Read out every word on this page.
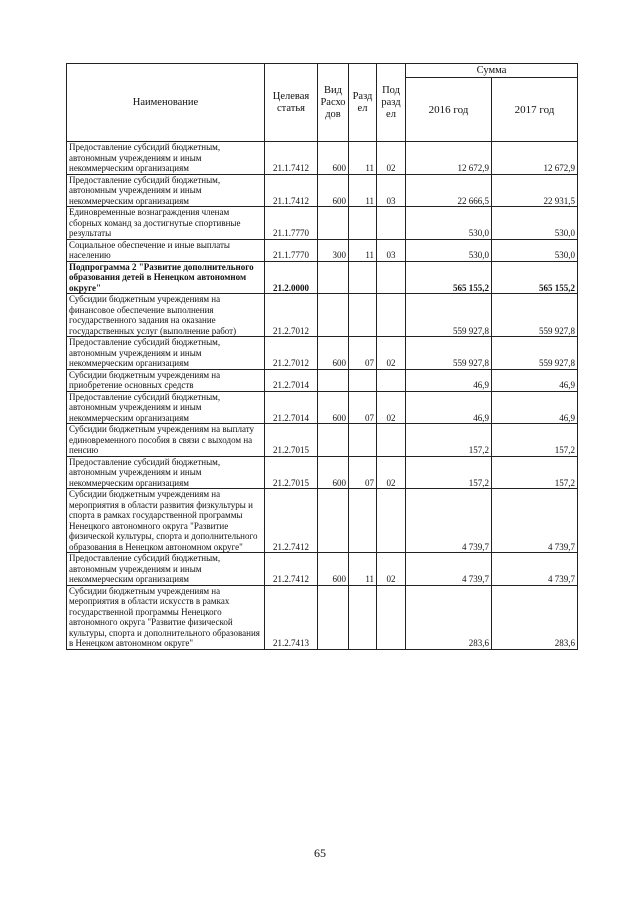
Наименование	Целевая статья	Вид Расхо дов	Разд ел	Под разд ел	Сумма	
					2016 год	2017 год
Предоставление субсидий бюджетным, автономным учреждениям и иным некоммерческим организациям	21.1.7412	600	11	02	12 672,9	12 672,9
Предоставление субсидий бюджетным, автономным учреждениям и иным некоммерческим организациям	21.1.7412	600	11	03	22 666,5	22 931,5
Единовременные вознаграждения членам сборных команд за достигнутые спортивные результаты	21.1.7770				530,0	530,0
Социальное обеспечение и иные выплаты населению	21.1.7770	300	11	03	530,0	530,0
Подпрограмма 2 "Развитие дополнительного образования детей в Ненецком автономном округе"	21.2.0000				565 155,2	565 155,2
Субсидии бюджетным учреждениям на финансовое обеспечение выполнения государственного задания на оказание государственных услуг (выполнение работ)	21.2.7012				559 927,8	559 927,8
Предоставление субсидий бюджетным, автономным учреждениям и иным некоммерческим организациям	21.2.7012	600	07	02	559 927,8	559 927,8
Субсидии бюджетным учреждениям на приобретение основных средств	21.2.7014				46,9	46,9
Предоставление субсидий бюджетным, автономным учреждениям и иным некоммерческим организациям	21.2.7014	600	07	02	46,9	46,9
Субсидии бюджетным учреждениям на выплату единовременного пособия в связи с выходом на пенсию	21.2.7015				157,2	157,2
Предоставление субсидий бюджетным, автономным учреждениям и иным некоммерческим организациям	21.2.7015	600	07	02	157,2	157,2
Субсидии бюджетным учреждениям на мероприятия в области развития физкультуры и спорта в рамках государственной программы Ненецкого автономного округа "Развитие физической культуры, спорта и дополнительного образования в Ненецком автономном округе"	21.2.7412				4 739,7	4 739,7
Предоставление субсидий бюджетным, автономным учреждениям и иным некоммерческим организациям	21.2.7412	600	11	02	4 739,7	4 739,7
Субсидии бюджетным учреждениям на мероприятия в области искусств в рамках государственной программы Ненецкого автономного округа "Развитие физической культуры, спорта и дополнительного образования в Ненецком автономном округе"	21.2.7413				283,6	283,6
65
